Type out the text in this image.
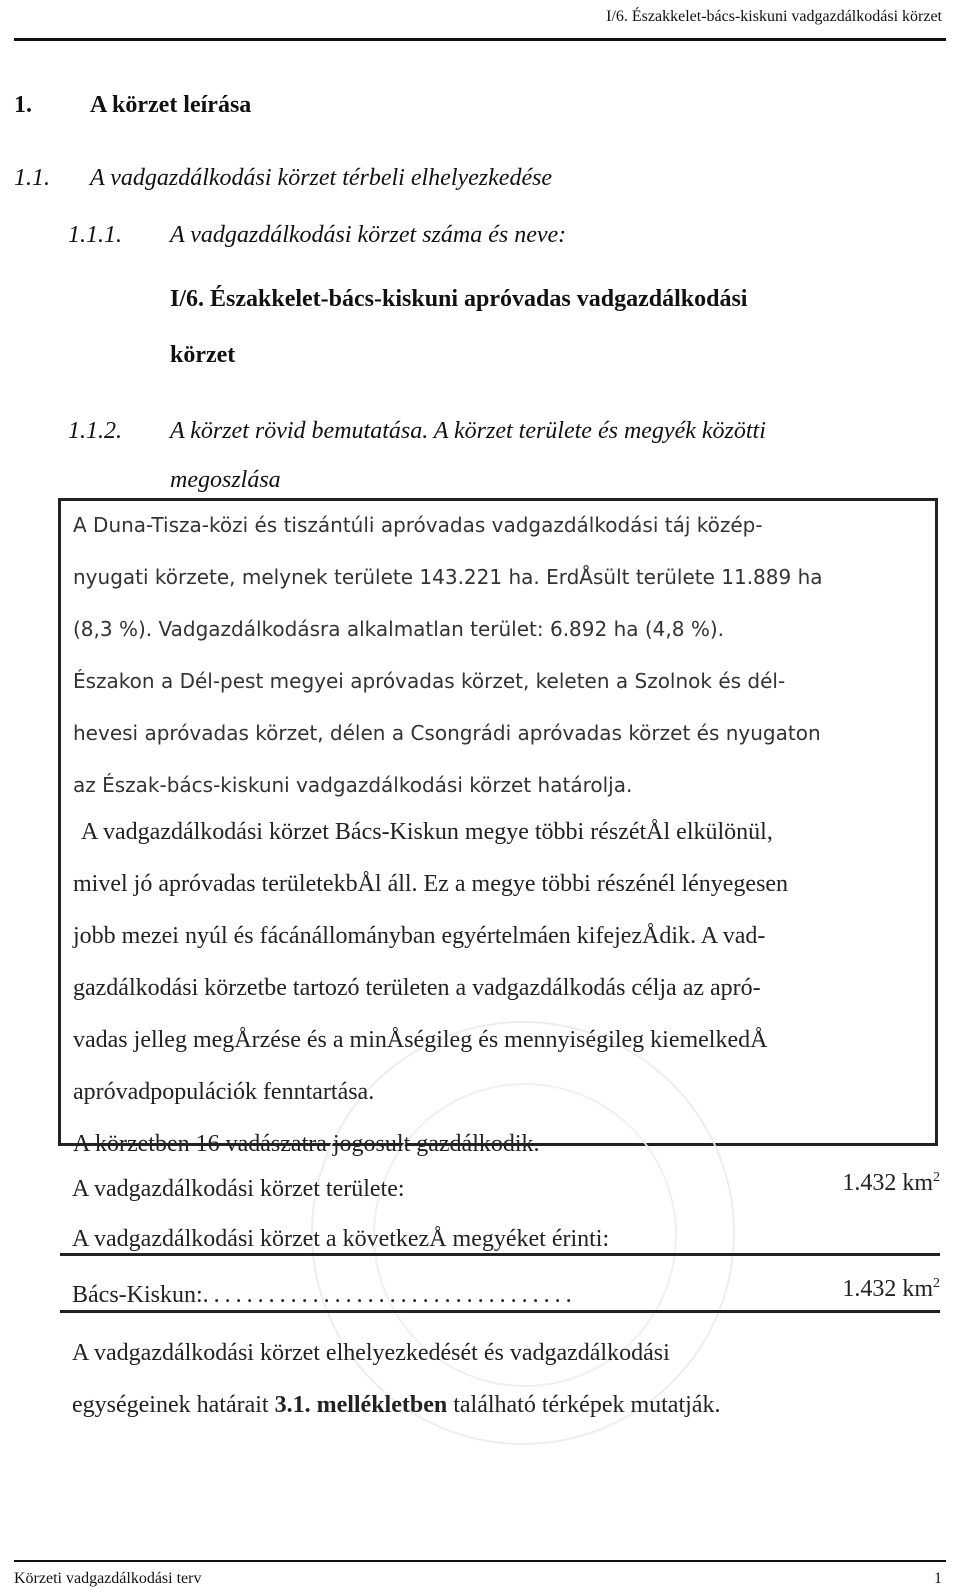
I/6. Északkelet-bács-kiskuni vadgazdálkodási körzet
1. A körzet leírása
1.1. A vadgazdálkodási körzet térbeli elhelyezkedése
1.1.1. A vadgazdálkodási körzet száma és neve:
I/6. Északkelet-bács-kiskuni apróvadas vadgazdálkodási
körzet
1.1.2. A körzet rövid bemutatása. A körzet területe és megyék közötti
megoszlása
A Duna-Tisza-közi és tiszántúli apróvadas vadgazdálkodási táj közép-
nyugati körzete, melynek területe 143.221 ha. ErdÅsült területe 11.889 ha
(8,3 %). Vadgazdálkodásra alkalmatlan terület: 6.892 ha (4,8 %).
Északon a Dél-pest megyei apróvadas körzet, keleten a Szolnok és dél-
hevesi apróvadas körzet, délen a Csongrádi apróvadas körzet és nyugaton
az Észak-bács-kiskuni vadgazdálkodási körzet határolja.
A vadgazdálkodási körzet Bács-Kiskun megye többi részétÅl elkülönül,
mivel jó apróvadas területekbÅl áll. Ez a megye többi részénél lényegesen
jobb mezei nyúl és fácánállományban egyértelmáen kifejezÅdik. A vad-
gazdálkodási körzetbe tartozó területen a vadgazdálkodás célja az apró-
vadas jelleg megÅrzése és a minÅségileg és mennyiségileg kiemelkedÅ
apróvadpopulációk fenntartása.
A körzetben 16 vadászatra jogosult gazdálkodik.
A vadgazdálkodási körzet területe:	1.432 $km^2$
A vadgazdálkodási körzet a következÅ megyéket érinti:
Bács-Kiskun:..................................	1.432 $km^2$
A vadgazdálkodási körzet elhelyezkedését és vadgazdálkodási
egységeinek határait 3.1. mellékletben található térképek mutatják.
Körzeti vadgazdálkodási terv	1
